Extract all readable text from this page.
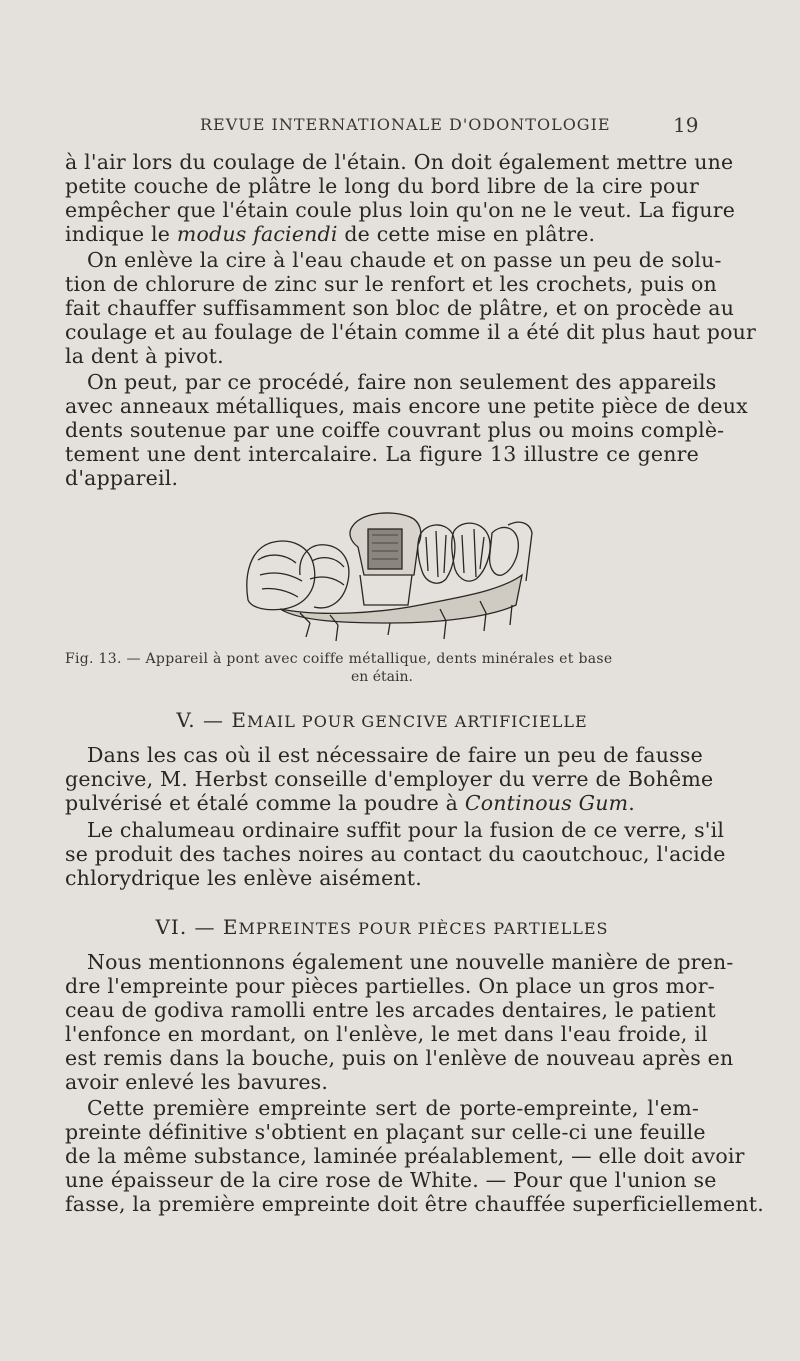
REVUE INTERNATIONALE D'ODONTOLOGIE	19
à l'air lors du coulage de l'étain. On doit également mettre une
petite couche de plâtre le long du bord libre de la cire pour
empêcher que l'étain coule plus loin qu'on ne le veut. La figure
indique le modus faciendi de cette mise en plâtre.
On enlève la cire à l'eau chaude et on passe un peu de solu-
tion de chlorure de zinc sur le renfort et les crochets, puis on
fait chauffer suffisamment son bloc de plâtre, et on procède au
coulage et au foulage de l'étain comme il a été dit plus haut pour
la dent à pivot.
On peut, par ce procédé, faire non seulement des appareils
avec anneaux métalliques, mais encore une petite pièce de deux
dents soutenue par une coiffe couvrant plus ou moins complè-
tement une dent intercalaire. La figure 13 illustre ce genre
d'appareil.
Fig. 13. — Appareil à pont avec coiffe métallique, dents minérales et base
en étain.
V. — EMAIL POUR GENCIVE ARTIFICIELLE
Dans les cas où il est nécessaire de faire un peu de fausse
gencive, M. Herbst conseille d'employer du verre de Bohême
pulvérisé et étalé comme la poudre à Continous Gum.
Le chalumeau ordinaire suffit pour la fusion de ce verre, s'il
se produit des taches noires au contact du caoutchouc, l'acide
chlorydrique les enlève aisément.
VI. — EMPREINTES POUR PIÈCES PARTIELLES
Nous mentionnons également une nouvelle manière de pren-
dre l'empreinte pour pièces partielles. On place un gros mor-
ceau de godiva ramolli entre les arcades dentaires, le patient
l'enfonce en mordant, on l'enlève, le met dans l'eau froide, il
est remis dans la bouche, puis on l'enlève de nouveau après en
avoir enlevé les bavures.
Cette première empreinte sert de porte-empreinte, l'em-
preinte définitive s'obtient en plaçant sur celle-ci une feuille
de la même substance, laminée préalablement, — elle doit avoir
une épaisseur de la cire rose de White. — Pour que l'union se
fasse, la première empreinte doit être chauffée superficiellement.
